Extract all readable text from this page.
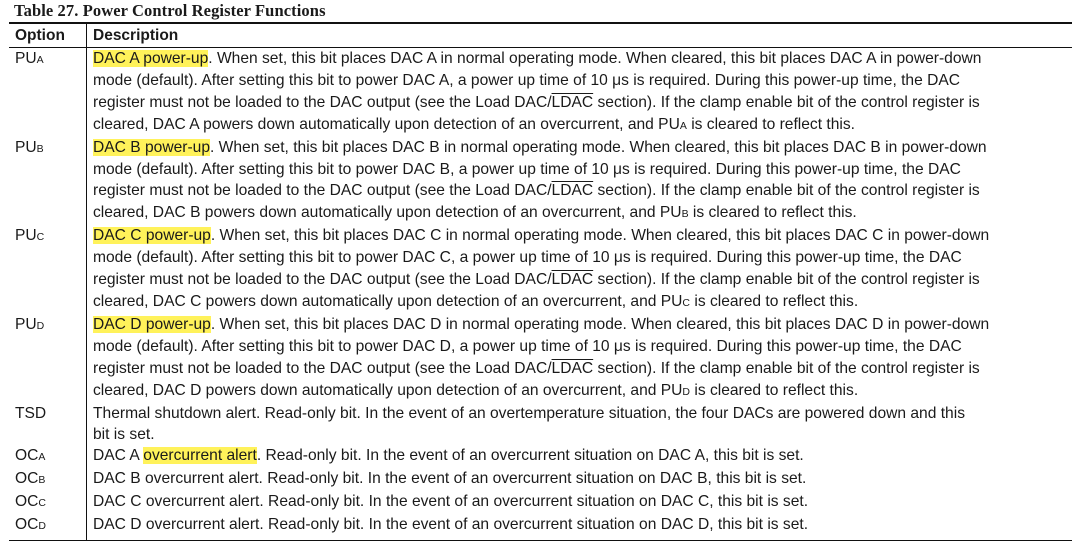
Table 27. Power Control Register Functions
Option	Description
PUA	DAC A power-up. When set, this bit places DAC A in normal operating mode. When cleared, this bit places DAC A in power-down
mode (default). After setting this bit to power DAC A, a power up time of 10 μs is required. During this power-up time, the DAC
register must not be loaded to the DAC output (see the Load DAC/LDAC section). If the clamp enable bit of the control register is
cleared, DAC A powers down automatically upon detection of an overcurrent, and PUA is cleared to reflect this.
PUB	DAC B power-up. When set, this bit places DAC B in normal operating mode. When cleared, this bit places DAC B in power-down
mode (default). After setting this bit to power DAC B, a power up time of 10 μs is required. During this power-up time, the DAC
register must not be loaded to the DAC output (see the Load DAC/LDAC section). If the clamp enable bit of the control register is
cleared, DAC B powers down automatically upon detection of an overcurrent, and PUB is cleared to reflect this.
PUC	DAC C power-up. When set, this bit places DAC C in normal operating mode. When cleared, this bit places DAC C in power-down
mode (default). After setting this bit to power DAC C, a power up time of 10 μs is required. During this power-up time, the DAC
register must not be loaded to the DAC output (see the Load DAC/LDAC section). If the clamp enable bit of the control register is
cleared, DAC C powers down automatically upon detection of an overcurrent, and PUC is cleared to reflect this.
PUD	DAC D power-up. When set, this bit places DAC D in normal operating mode. When cleared, this bit places DAC D in power-down
mode (default). After setting this bit to power DAC D, a power up time of 10 μs is required. During this power-up time, the DAC
register must not be loaded to the DAC output (see the Load DAC/LDAC section). If the clamp enable bit of the control register is
cleared, DAC D powers down automatically upon detection of an overcurrent, and PUD is cleared to reflect this.
TSD	Thermal shutdown alert. Read-only bit. In the event of an overtemperature situation, the four DACs are powered down and this
bit is set.
OCA	DAC A overcurrent alert. Read-only bit. In the event of an overcurrent situation on DAC A, this bit is set.
OCB	DAC B overcurrent alert. Read-only bit. In the event of an overcurrent situation on DAC B, this bit is set.
OCC	DAC C overcurrent alert. Read-only bit. In the event of an overcurrent situation on DAC C, this bit is set.
OCD	DAC D overcurrent alert. Read-only bit. In the event of an overcurrent situation on DAC D, this bit is set.
